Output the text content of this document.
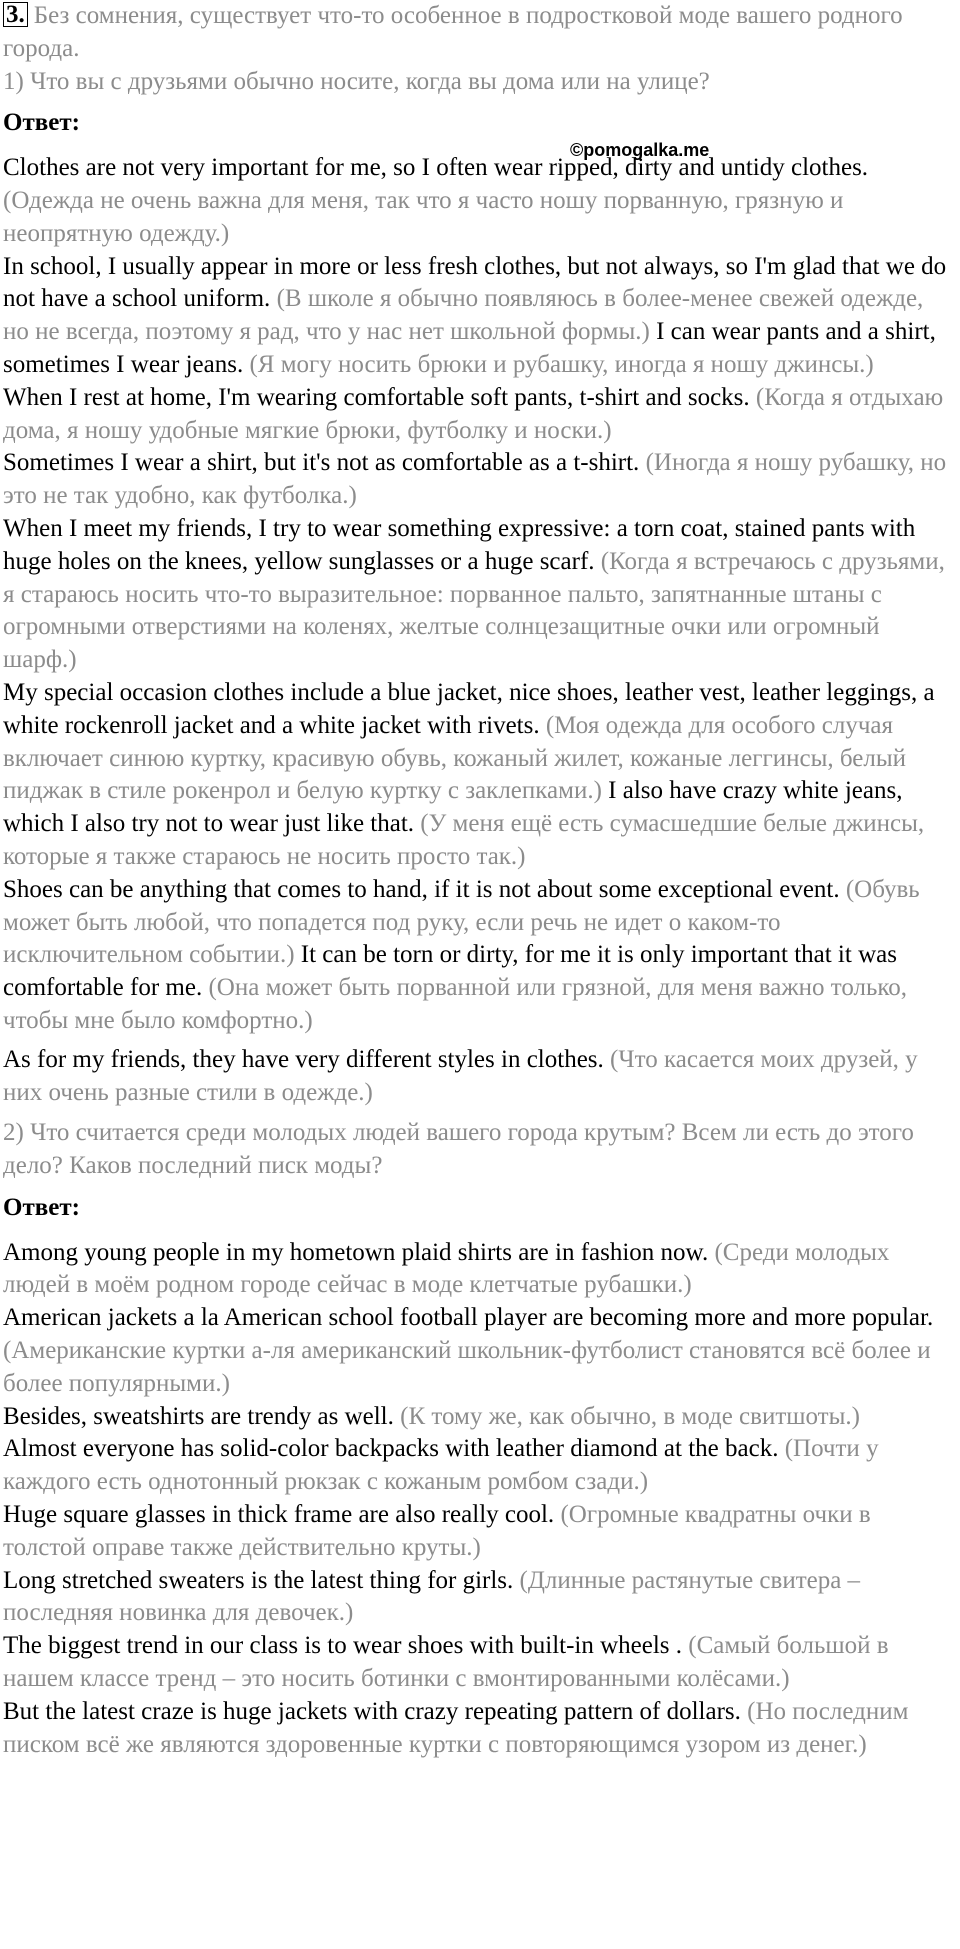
©pomogalka.me

3. Без сомнения, существует что-то особенное в подростковой моде вашего родного города.

1) Что вы с друзьями обычно носите, когда вы дома или на улице?

Ответ:

Clothes are not very important for me, so I often wear ripped, dirty and untidy clothes. (Одежда не очень важна для меня, так что я часто ношу порванную, грязную и неопрятную одежду.)

In school, I usually appear in more or less fresh clothes, but not always, so I'm glad that we do not have a school uniform. (В школе я обычно появляюсь в более-менее свежей одежде, но не всегда, поэтому я рад, что у нас нет школьной формы.) I can wear pants and a shirt, sometimes I wear jeans. (Я могу носить брюки и рубашку, иногда я ношу джинсы.)

When I rest at home, I'm wearing comfortable soft pants, t-shirt and socks. (Когда я отдыхаю дома, я ношу удобные мягкие брюки, футболку и носки.)

Sometimes I wear a shirt, but it's not as comfortable as a t-shirt. (Иногда я ношу рубашку, но это не так удобно, как футболка.)

When I meet my friends, I try to wear something expressive: a torn coat, stained pants with huge holes on the knees, yellow sunglasses or a huge scarf. (Когда я встречаюсь с друзьями, я стараюсь носить что-то выразительное: порванное пальто, запятнанные штаны с огромными отверстиями на коленях, желтые солнцезащитные очки или огромный шарф.)

My special occasion clothes include a blue jacket, nice shoes, leather vest, leather leggings, a white rockenroll jacket and a white jacket with rivets. (Моя одежда для особого случая включает синюю куртку, красивую обувь, кожаный жилет, кожаные леггинсы, белый пиджак в стиле рокенрол и белую куртку с заклепками.) I also have crazy white jeans, which I also try not to wear just like that. (У меня ещё есть сумасшедшие белые джинсы, которые я также стараюсь не носить просто так.)

Shoes can be anything that comes to hand, if it is not about some exceptional event. (Обувь может быть любой, что попадется под руку, если речь не идет о каком-то исключительном событии.) It can be torn or dirty, for me it is only important that it was comfortable for me. (Она может быть порванной или грязной, для меня важно только, чтобы мне было комфортно.)

As for my friends, they have very different styles in clothes. (Что касается моих друзей, у них очень разные стили в одежде.)

2) Что считается среди молодых людей вашего города крутым? Всем ли есть до этого дело? Каков последний писк моды?

Ответ:

Among young people in my hometown plaid shirts are in fashion now. (Среди молодых людей в моём родном городе сейчас в моде клетчатые рубашки.)

American jackets a la American school football player are becoming more and more popular. (Американские куртки а-ля американский школьник-футболист становятся всё более и более популярными.)

Besides, sweatshirts are trendy as well. (К тому же, как обычно, в моде свитшоты.)

Almost everyone has solid-color backpacks with leather diamond at the back. (Почти у каждого есть однотонный рюкзак с кожаным ромбом сзади.)

Huge square glasses in thick frame are also really cool. (Огромные квадратны очки в толстой оправе также действительно круты.)

Long stretched sweaters is the latest thing for girls. (Длинные растянутые свитера – последняя новинка для девочек.)

The biggest trend in our class is to wear shoes with built-in wheels . (Самый большой в нашем классе тренд – это носить ботинки с вмонтированными колёсами.)

But the latest craze is huge jackets with crazy repeating pattern of dollars. (Но последним писком всё же являются здоровенные куртки с повторяющимся узором из денег.)
